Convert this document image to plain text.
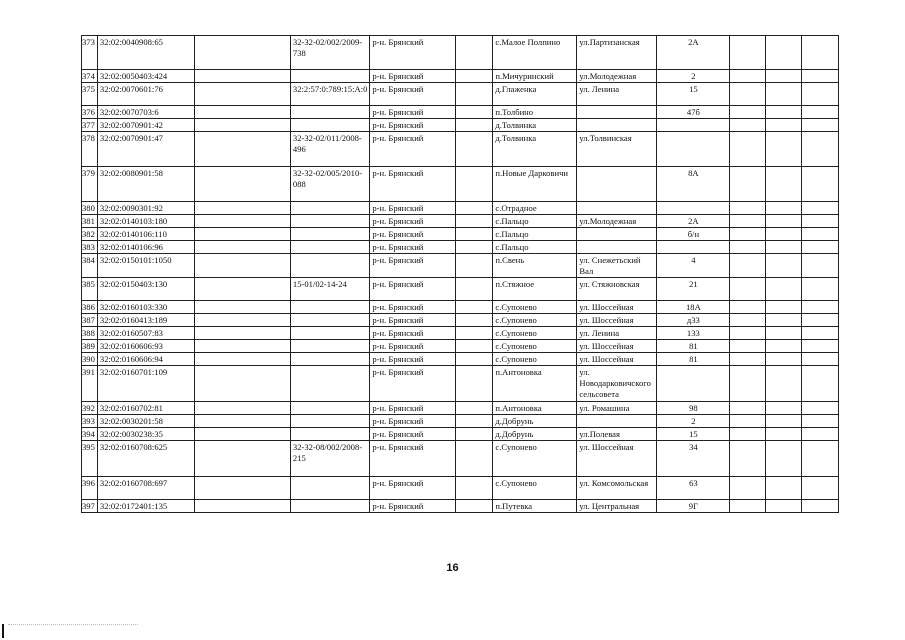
373	32:02:0040908:65		32-32-02/002/2009-738	р-н. Брянский		с.Малое Полпино	ул.Партизанская	2А			
374	32:02:0050403:424			р-н. Брянский		п.Мичуринский	ул.Молодежная	2			
375	32:02:0070601:76		32:2:57:0:789:15:А:0	р-н. Брянский		д.Глаженка	ул. Ленина	15			
376	32:02:0070703:6			р-н. Брянский		п.Толбино		47б			
377	32:02:0070901:42			р-н. Брянский		д.Толвинка					
378	32:02:0070901:47		32-32-02/011/2008-496	р-н. Брянский		д.Толвинка	ул.Толвинская				
379	32:02:0080901:58		32-32-02/005/2010-088	р-н. Брянский		п.Новые Дарковичи		8А			
380	32:02:0090301:92			р-н. Брянский		с.Отрадное					
381	32:02:0140103:180			р-н. Брянский		с.Пальцо	ул.Молодежная	2А			
382	32:02:0140106:110			р-н. Брянский		с.Пальцо		б/н			
383	32:02:0140106:96			р-н. Брянский		с.Пальцо					
384	32:02:0150101:1050			р-н. Брянский		п.Свень	ул. Снежетьский Вал	4			
385	32:02:0150403:130		15-01/02-14-24	р-н. Брянский		п.Стяжное	ул. Стяжновская	21			
386	32:02:0160103:330			р-н. Брянский		с.Супонево	ул. Шоссейная	18А			
387	32:02:0160413:189			р-н. Брянский		с.Супонево	ул. Шоссейная	д33			
388	32:02:0160507:83			р-н. Брянский		с.Супонево	ул. Ленина	133			
389	32:02:0160606:93			р-н. Брянский		с.Супонево	ул. Шоссейная	81			
390	32:02:0160606:94			р-н. Брянский		с.Супонево	ул. Шоссейная	81			
391	32:02:0160701:109			р-н. Брянский		п.Антоновка	ул. Новодарковичского сельсовета				
392	32:02:0160702:81			р-н. Брянский		п.Антоновка	ул. Ромашина	98			
393	32:02:0030201:58			р-н. Брянский		д.Добрунь		2			
394	32:02:0030238:35			р-н. Брянский		д.Добрунь	ул.Полевая	15			
395	32:02:0160708:625		32-32-08/002/2008-215	р-н. Брянский		с.Супонево	ул. Шоссейная	34			
396	32:02:0160708:697			р-н. Брянский		с.Супонево	ул. Комсомольская	63			
397	32:02:0172401:135			р-н. Брянский		п.Путевка	ул. Центральная	9Г			
16
